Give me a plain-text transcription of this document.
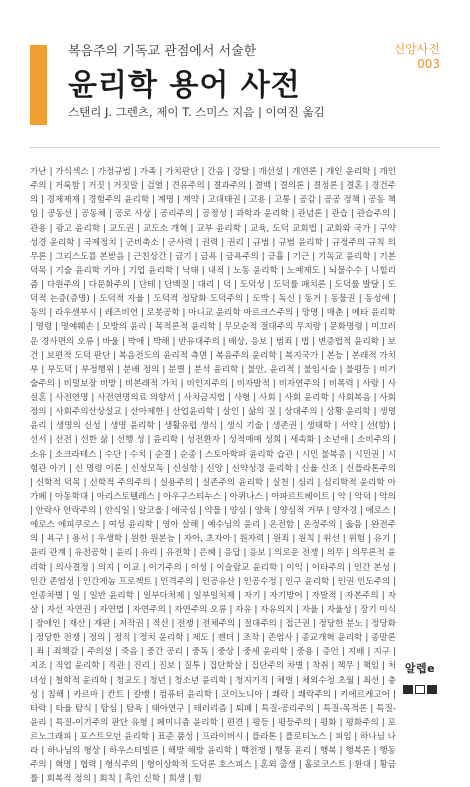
복음주의 기독교 관점에서 서술한
윤리학 용어 사전
스탠리 J. 그렌츠, 제이 T. 스미스 지음 | 이여진 옮김
신앙사전
003
가난 | 가식섹스 | 가정규범 | 가족 | 가치판단 | 간음 | 강탈 | 개선설 | 개연론 | 개인 윤리학 | 개인주의 | 거룩함 | 거짓 | 거짓말 | 검열 | 견유주의 | 결과주의 | 결백 | 결의론 | 결정론 | 결혼 | 경건주의 | 경제제재 | 경험주의 윤리학 | 계명 | 계약 | 고대태권 | 고용 | 고통 | 공감 | 공공 정책 | 공동 책임 | 공동선 | 공동체 | 공로 사상 | 공리주의 | 공정성 | 과학과 윤리학 | 관념론 | 관습 | 관습주의 | 관용 | 광고 윤리학 | 교도권 | 교도소 개혁 | 교부 윤리학 | 교육, 도덕 교회법 | 교회와 국가 | 구약성경 윤리학 | 국제정치 | 군비축소 | 군사력 | 권력 | 권리 | 규범 | 규범 윤리학 | 규정주의 규칙 의무론 | 그리스도를 본받음 | 근친상간 | 금기 | 금욕 | 금욕주의 | 긍휼 | 기근 | 기독교 윤리학 | 기본 덕목 | 기술 윤리학 기아 | 기업 윤리학 | 낙태 | 내적 | 노동 윤리학 | 노예제도 | 뇌물수수 | 니힐리즘 | 다원주의 | 다문화주의 | 단테 | 단백질 | 대리 | 덕 | 도덕성 | 도덕률 패치론 | 도덕률 발달 | 도덕적 논증(증명) | 도덕적 자율 | 도덕적 정당화 도덕주의 | 도박 | 독신 | 동거 | 동물권 | 동성애 | 동의 | 라우센부시 | 레즈비언 | 로봇공학 | 마니교 윤리학 마르크스주의 | 망명 | 매춘 | 메타 윤리학 | 명령 | 명예훼손 | 모방의 윤리 | 목적론적 윤리학 | 무모순적 절대주의 무지랑 | 문화명령 | 미끄러운 경사면의 오류 | 바울 | 박애 | 박해 | 반유대주의 | 배상, 응보 | 범죄 | 법 | 변증법적 윤리학 | 보건 | 보편적 도덕 판단 | 복음전도의 윤리적 측면 | 복음주의 윤리학 | 복지국가 | 본능 | 본래적 가치 부 | 부도덕 | 부정행위 | 분배 정의 | 분별 | 분석 윤리학 | 불안, 윤리적 | 불임시술 | 불평등 | 비기술주의 | 비밀보장 비방 | 비본래적 가치 | 비인지주의 | 비자발적 | 비자연주의 | 비폭력 | 사랑 | 사실혼 | 사전연명 | 사전연명의료 의향서 | 사치금지법 | 사형 | 사회 | 사회 윤리학 | 사회복음 | 사회정의 | 사회주의산상설교 | 산아제한 | 산업윤리학 | 살인 | 삶의 질 | 상대주의 | 상황 윤리학 | 생명윤리 | 생명의 신성 | 생명 윤리학 | 생활유럽 생식 | 생식 기술 | 생존권 | 생태학 | 서약 | 선(함) | 선서 | 선전 | 선한 삶 | 선행 성 | 윤리학 | 성전환자 | 성적매매 성희 | 세속화 | 소년애 | 소비주의 | 소유 | 소크라테스 | 수단 | 수치 | 순결 | 순종 | 스토아학파 윤리학 습관 | 시민 불복종 | 시민권 | 시험관 아기 | 신 명령 이론 | 신성모독 | 신실함 | 신앙 | 신약성경 윤리학 | 신율 신조 | 신플라톤주의 | 신학적 덕목 | 신학적 주의주의 | 실용주의 | 실존주의 윤리학 | 실천 | 심리 | 심리학적 윤리학 아가페 | 아동학대 | 아리스토텔레스 | 아우구스티누스 | 아퀴나스 | 아파르트헤이트 | 악 | 악덕 | 악의 | 안락사 안락주의 | 안식일 | 알코올 | 애국심 | 약물 | 양심 | 양육 | 양심적 거부 | 양자경 | 에로스 | 에로스 에피쿠로스 | 여성 윤리학 | 영아 살해 | 예수님의 윤리 | 온전함 | 온정주의 | 옳음 | 완전주의 | 욕구 | 용서 | 우생학 | 원한 원본능 | 자아, 초자아 | 원자력 | 원죄 | 원칙 | 위선 | 위험 | 유기 | 윤리 관계 | 유전공학 | 윤리 | 유리 | 유전학 | 은혜 | 응답 | 응보 | 의로운 전쟁 | 의무 | 의무론적 윤리학 | 의사결정 | 의지 | 이교 | 이기주의 | 이성 | 이슬람교 윤리학 | 이익 | 이타주의 | 인간 본성 | 인간 존엄성 | 인간게놈 프로젝트 | 인격주의 | 인공유산 | 인공수정 | 인구 윤리학 | 인권 인도주의 | 인종차별 | 일 | 일반 윤리학 | 일부다처제 | 일부일처제 | 자기 | 자기방어 | 자발적 | 자본주의 | 자살 | 자선 자연권 | 자연법 | 자연주의 | 자연주의 오류 | 자유 | 자유의지 | 자율 | 자율성 | 장기 이식 | 장애인 | 재산 | 재판 | 저작권 | 적선 | 전쟁 | 전체주의 | 절대주의 | 접근권 | 정당한 분노 | 정당화 | 정당한 전쟁 | 정의 | 정직 | 정치 윤리학 | 제도 | 젠더 | 조작 | 존엄사 | 종교개혁 윤리학 | 종말론 | 죄 | 죄책감 | 주의설 | 죽음 | 중간 공리 | 중독 | 중상 | 중세 윤리학 | 중용 | 증언 | 지배 | 지구 | 지조 | 직업 윤리학 | 직관 | 진리 | 진보 | 질투 | 집단학살 | 집단주의 차별 | 착취 | 책무 | 책임 | 처녀성 | 철학적 윤리학 | 청교도 | 청년 | 청소년 윤리학 | 청지기직 | 체벌 | 체외수정 초월 | 최선 | 충성 | 침해 | 카르마 | 칸트 | 칼뱅 | 컴퓨터 윤리학 | 코이노니아 | 쾌락 | 쾌락주의 | 키에르케고어 | 타락 | 타율 탐식 | 탐심 | 탐욕 | 태아연구 | 테러리즘 | 퇴폐 | 특질-공리주의 | 특질-목적론 | 특질-윤리 | 특질-이기주의 판단 유형 | 페미니즘 윤리학 | 편견 | 평등 | 평등주의 | 평화 | 평화주의 | 포르노그래피 | 포스트모던 윤리학 | 표준 품성 | 프라이버시 | 플라톤 | 플로티노스 | 피임 | 하나님 나라 | 하나님의 형상 | 하우스티빌른 | 해방 해방 윤리학 | 핵전쟁 | 행동 윤리 | 행복 | 행복론 | 행동주의 | 혁명 | 협력 | 형식주의 | 형이상학적 도덕론 호스피스 | 혼외 출생 | 홀로코스트 | 환대 | 황금률 | 회복적 정의 | 회칙 | 흑인 신학 | 희생 | 힘
알렙e
